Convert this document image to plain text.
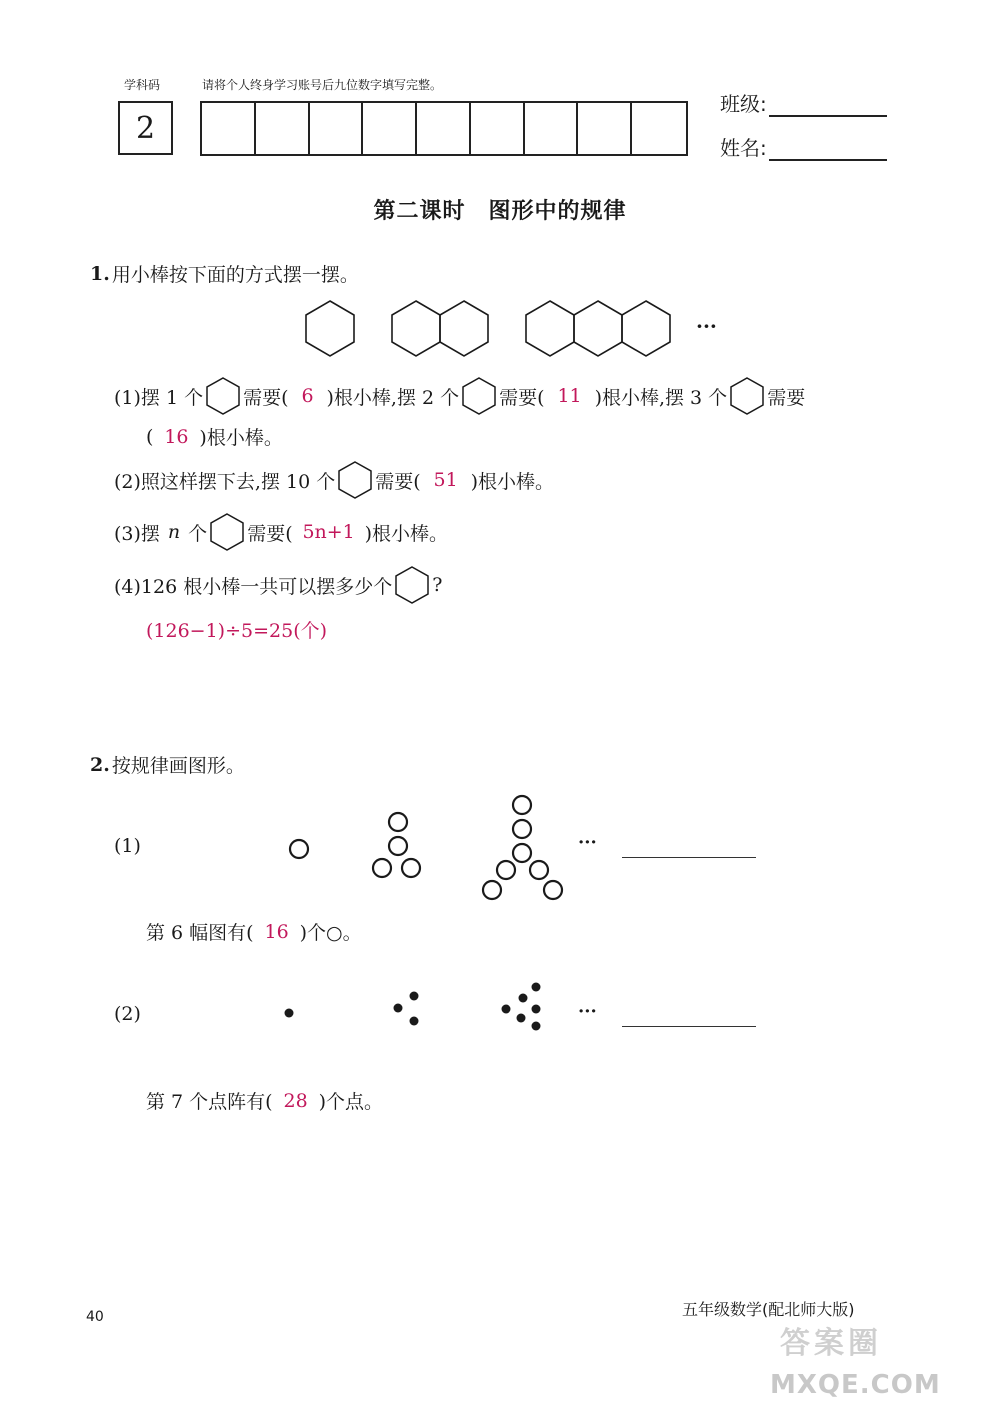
学科码
2
请将个人终身学习账号后九位数字填写完整。
班级:
姓名:
第二课时　图形中的规律
1. 用小棒按下面的方式摆一摆。
···
(1)摆 1 个 需要( 6 )根小棒,摆 2 个 需要( 11 )根小棒,摆 3 个 需要
( 16 )根小棒。
(2)照这样摆下去,摆 10 个 需要( 51 )根小棒。
(3)摆 n 个 需要( 5n+1 )根小棒。
(4)126 根小棒一共可以摆多少个 ?
(126−1)÷5=25(个)
2. 按规律画图形。
(1)	···
第 6 幅图有( 16 )个○。
(2)	···
第 7 个点阵有( 28 )个点。
40	五年级数学(配北师大版)
答案圈
MXQE.COM
